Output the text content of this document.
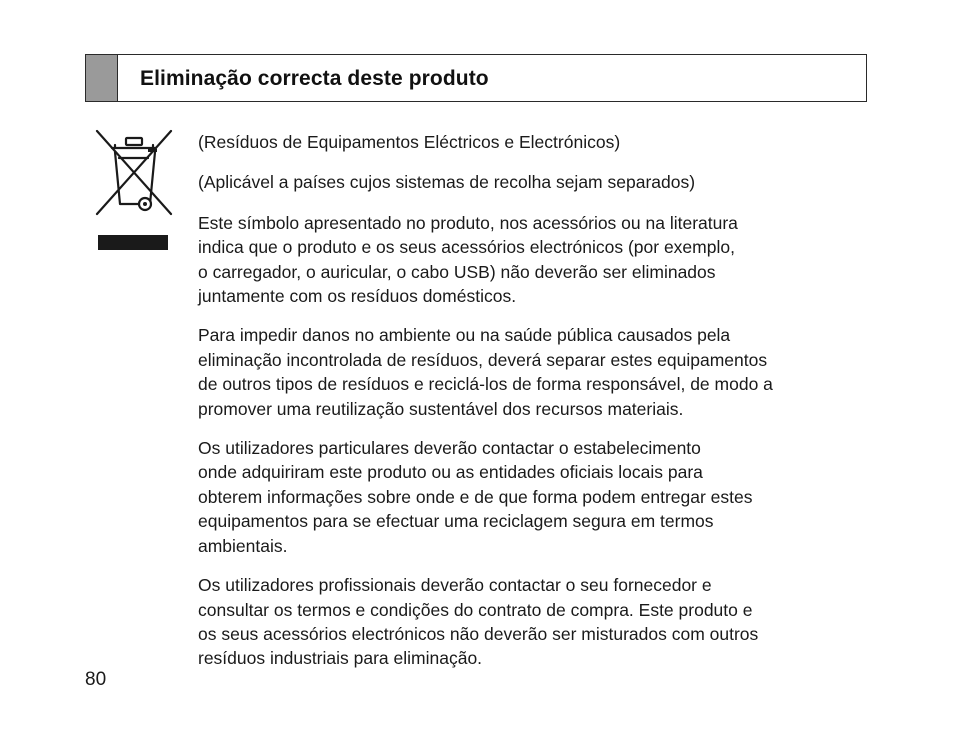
Eliminação correcta deste produto

(Resíduos de Equipamentos Eléctricos e Electrónicos)

(Aplicável a países cujos sistemas de recolha sejam separados)

Este símbolo apresentado no produto, nos acessórios ou na literatura
indica que o produto e os seus acessórios electrónicos (por exemplo,
o carregador, o auricular, o cabo USB) não deverão ser eliminados
juntamente com os resíduos domésticos.

Para impedir danos no ambiente ou na saúde pública causados pela
eliminação incontrolada de resíduos, deverá separar estes equipamentos
de outros tipos de resíduos e reciclá-los de forma responsável, de modo a
promover uma reutilização sustentável dos recursos materiais.

Os utilizadores particulares deverão contactar o estabelecimento
onde adquiriram este produto ou as entidades oficiais locais para
obterem informações sobre onde e de que forma podem entregar estes
equipamentos para se efectuar uma reciclagem segura em termos
ambientais.

Os utilizadores profissionais deverão contactar o seu fornecedor e
consultar os termos e condições do contrato de compra. Este produto e
os seus acessórios electrónicos não deverão ser misturados com outros
resíduos industriais para eliminação.

80
